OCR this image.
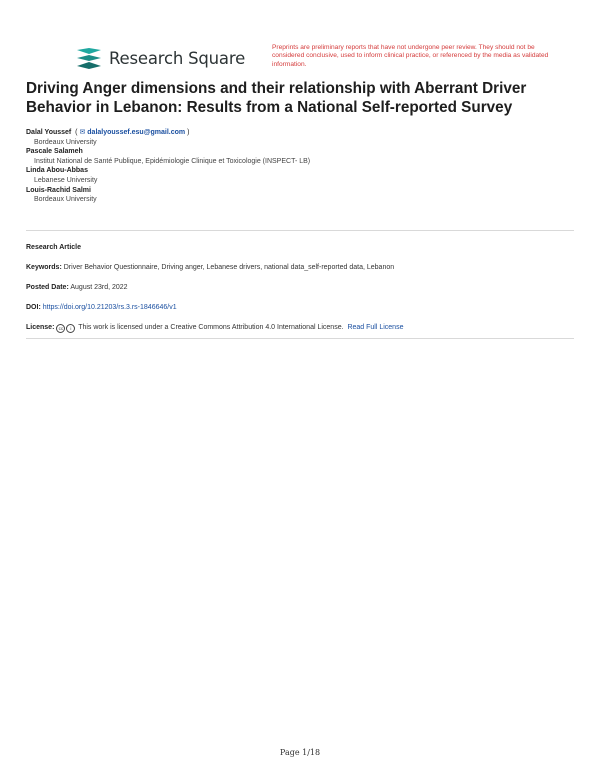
Research Square
Preprints are preliminary reports that have not undergone peer review. They should not be considered conclusive, used to inform clinical practice, or referenced by the media as validated information.
Driving Anger dimensions and their relationship with Aberrant Driver Behavior in Lebanon: Results from a National Self-reported Survey
Dalal Youssef  ( ✉ dalalyoussef.esu@gmail.com )
Bordeaux University
Pascale Salameh
Institut National de Santé Publique, Epidémiologie Clinique et Toxicologie (INSPECT- LB)
Linda Abou-Abbas
Lebanese University
Louis-Rachid Salmi
Bordeaux University
Research Article
Keywords: Driver Behavior Questionnaire, Driving anger, Lebanese drivers, national data_self-reported data, Lebanon
Posted Date: August 23rd, 2022
DOI: https://doi.org/10.21203/rs.3.rs-1846646/v1
License: cc i This work is licensed under a Creative Commons Attribution 4.0 International License. Read Full License
Page 1/18
